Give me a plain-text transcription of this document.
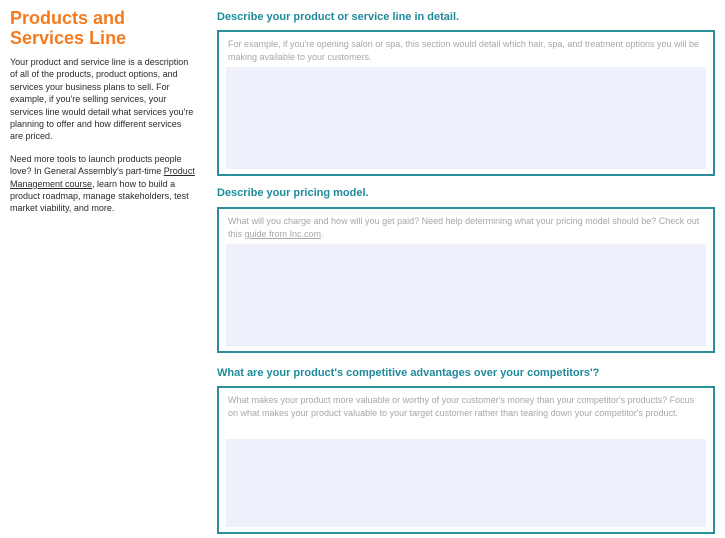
Products and
Services Line

Your product and service line is a description of all of the products, product options, and services your business plans to sell. For example, if you're selling services, your services line would detail what services you're planning to offer and how different services are priced.

Need more tools to launch products people love? In General Assembly's part-time Product Management course, learn how to build a product roadmap, manage stakeholders, test market viability, and more.

Describe your product or service line in detail.
For example, if you're opening salon or spa, this section would detail which hair, spa, and treatment options you will be making available to your customers.
Describe your pricing model.
What will you charge and how will you get paid? Need help determining what your pricing model should be? Check out this guide from Inc.com.
What are your product's competitive advantages over your competitors'?
What makes your product more valuable or worthy of your customer's money than your competitor's products? Focus on what makes your product valuable to your target customer rather than tearing down your competitor's product.
